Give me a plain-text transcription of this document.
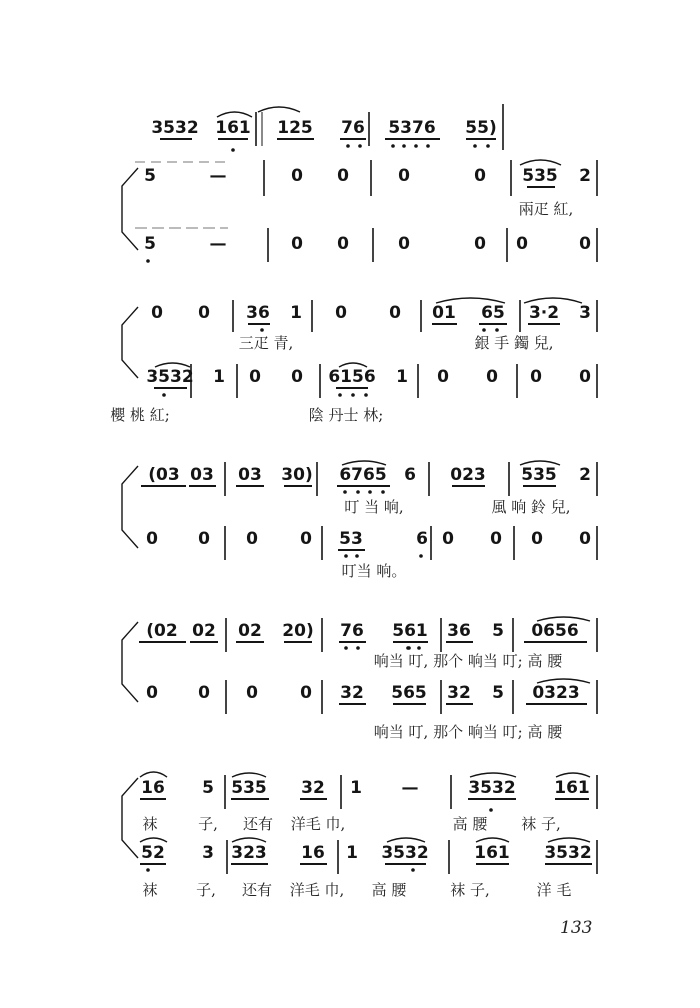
3532 161 125 76 5376 55)
5	—	0 0	0	0 535 2
5	—	0 0	0	0 0	0
0 0 36 1 0 0 01 65 3·2 3
3532 1 0 0 6156 1 0 0 0 0
(03 03 03 30) 6765 6 023 535 2
0 0 0 0 53	6 0 0 0 0
(02 02 02 20) 76 561 36 5 0656
0 0 0 0 32 565 32 5 0323
16 5 535 32 1 —	3532 161
52 3 323 16 1 3532	161 3532
兩疋 紅,
三疋 青,	銀 手 鐲 兒,
櫻 桃 紅;	陰 丹士 林;
叮 当 响,	風 响 鈴 兒,
叮当 响。
响当 叮, 那个 响当 叮; 高 腰
响当 叮, 那个 响当 叮; 高 腰
袜	子, 还有 洋毛 巾,	高 腰 袜 子,
袜	子, 还有 洋毛 巾, 高 腰	袜 子,	洋 毛
133
